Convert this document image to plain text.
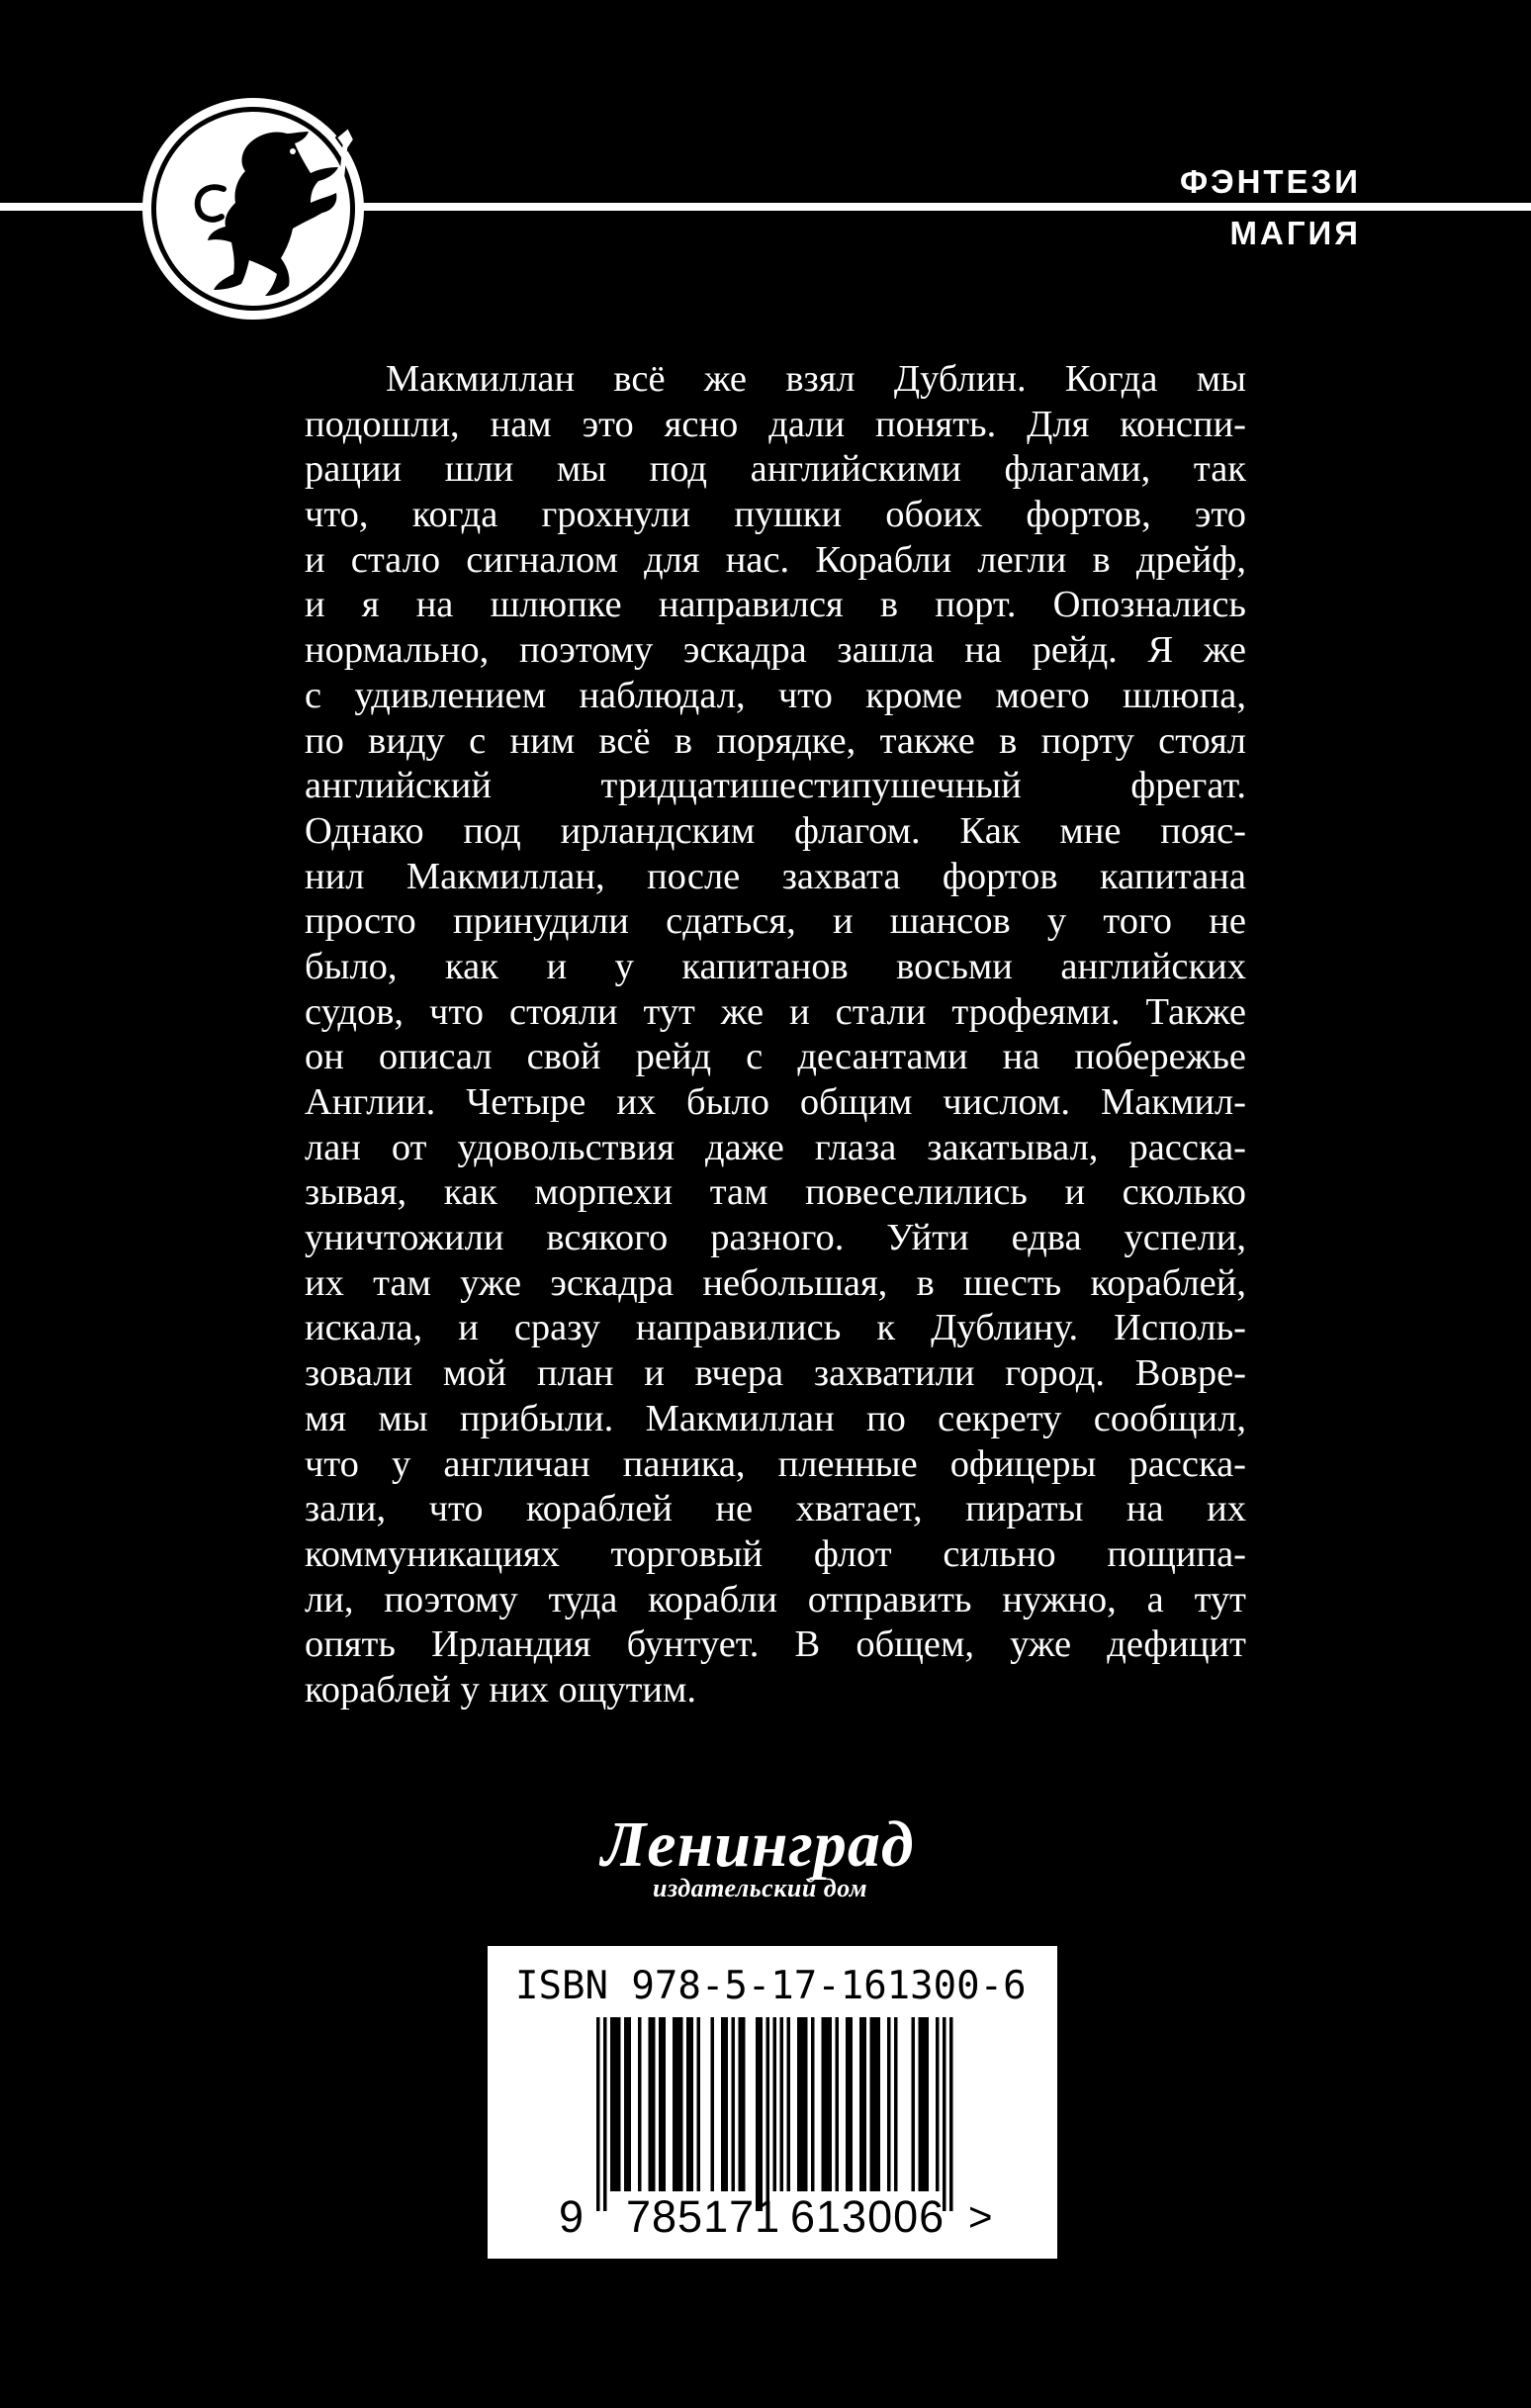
ФЭНТЕЗИ
МАГИЯ
Макмиллан всё же взял Дублин. Когда мы
подошли, нам это ясно дали понять. Для конспи-
рации шли мы под английскими флагами, так
что, когда грохнули пушки обоих фортов, это
и стало сигналом для нас. Корабли легли в дрейф,
и я на шлюпке направился в порт. Опознались
нормально, поэтому эскадра зашла на рейд. Я же
с удивлением наблюдал, что кроме моего шлюпа,
по виду с ним всё в порядке, также в порту стоял
английский тридцатишестипушечный фрегат.
Однако под ирландским флагом. Как мне пояс-
нил Макмиллан, после захвата фортов капитана
просто принудили сдаться, и шансов у того не
было, как и у капитанов восьми английских
судов, что стояли тут же и стали трофеями. Также
он описал свой рейд с десантами на побережье
Англии. Четыре их было общим числом. Макмил-
лан от удовольствия даже глаза закатывал, расска-
зывая, как морпехи там повеселились и сколько
уничтожили всякого разного. Уйти едва успели,
их там уже эскадра небольшая, в шесть кораблей,
искала, и сразу направились к Дублину. Исполь-
зовали мой план и вчера захватили город. Вовре-
мя мы прибыли. Макмиллан по секрету сообщил,
что у англичан паника, пленные офицеры расска-
зали, что кораблей не хватает, пираты на их
коммуникациях торговый флот сильно пощипа-
ли, поэтому туда корабли отправить нужно, а тут
опять Ирландия бунтует. В общем, уже дефицит
кораблей у них ощутим.
Ленинград
издательский дом
ISBN 978-5-17-161300-6
9 785171 613006 >
